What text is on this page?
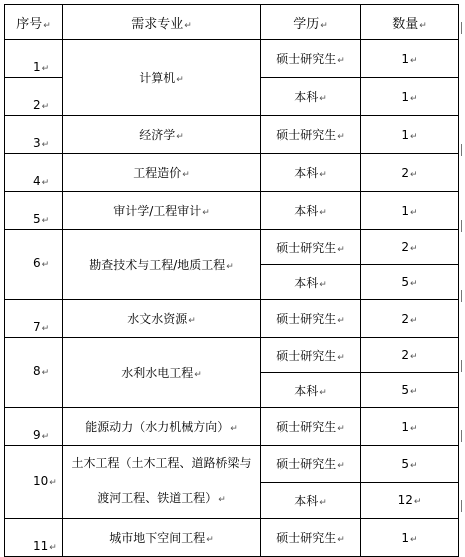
序号↵	需求专业↵	学历↵	数量↵
1↵	计算机↵	硕士研究生↵	1↵
2↵		本科↵	1↵
3↵	经济学↵	硕士研究生↵	1↵
4↵	工程造价↵	本科↵	2↵
5↵	审计学/工程审计↵	本科↵	1↵
6↵	勘查技术与工程/地质工程↵	硕士研究生↵	2↵
		本科↵	5↵
7↵	水文水资源↵	硕士研究生↵	2↵
8↵	水利水电工程↵	硕士研究生↵	2↵
		本科↵	5↵
9↵	能源动力（水力机械方向）↵	硕士研究生↵	1↵
10↵	土木工程（土木工程、道路桥梁与
渡河工程、铁道工程）↵	硕士研究生↵	5↵
		本科↵	12↵
11↵	城市地下空间工程↵	硕士研究生↵	1↵
